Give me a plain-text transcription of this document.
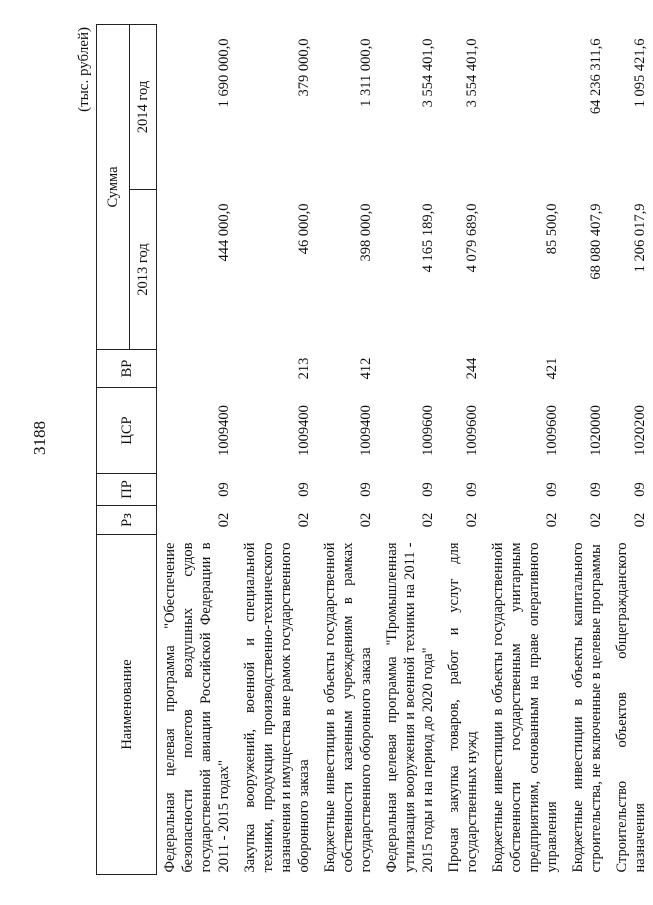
3188
(тыс. рублей)
Наименование	Рз	ПР	ЦСР	ВР	Сумма	
					2013 год	2014 год
Федеральная целевая программа "Обеспечение безопасности полетов воздушных судов государственной авиации Российской Федерации в 2011 - 2015 годах"	02	09	1009400		444 000,0	1 690 000,0
Закупка вооружений, военной и специальной техники, продукции производственно-технического назначения и имущества вне рамок государственного оборонного заказа	02	09	1009400	213	46 000,0	379 000,0
Бюджетные инвестиции в объекты государственной собственности казенным учреждениям в рамках государственного оборонного заказа	02	09	1009400	412	398 000,0	1 311 000,0
Федеральная целевая программа "Промышленная утилизация вооружения и военной техники на 2011 - 2015 годы и на период до 2020 года"	02	09	1009600		4 165 189,0	3 554 401,0
Прочая закупка товаров, работ и услуг для государственных нужд	02	09	1009600	244	4 079 689,0	3 554 401,0
Бюджетные инвестиции в объекты государственной собственности государственным унитарным предприятиям, основанным на праве оперативного управления	02	09	1009600	421	85 500,0	
Бюджетные инвестиции в объекты капитального строительства, не включенные в целевые программы	02	09	1020000		68 080 407,9	64 236 311,6
Строительство объектов общегражданского назначения	02	09	1020200		1 206 017,9	1 095 421,6
